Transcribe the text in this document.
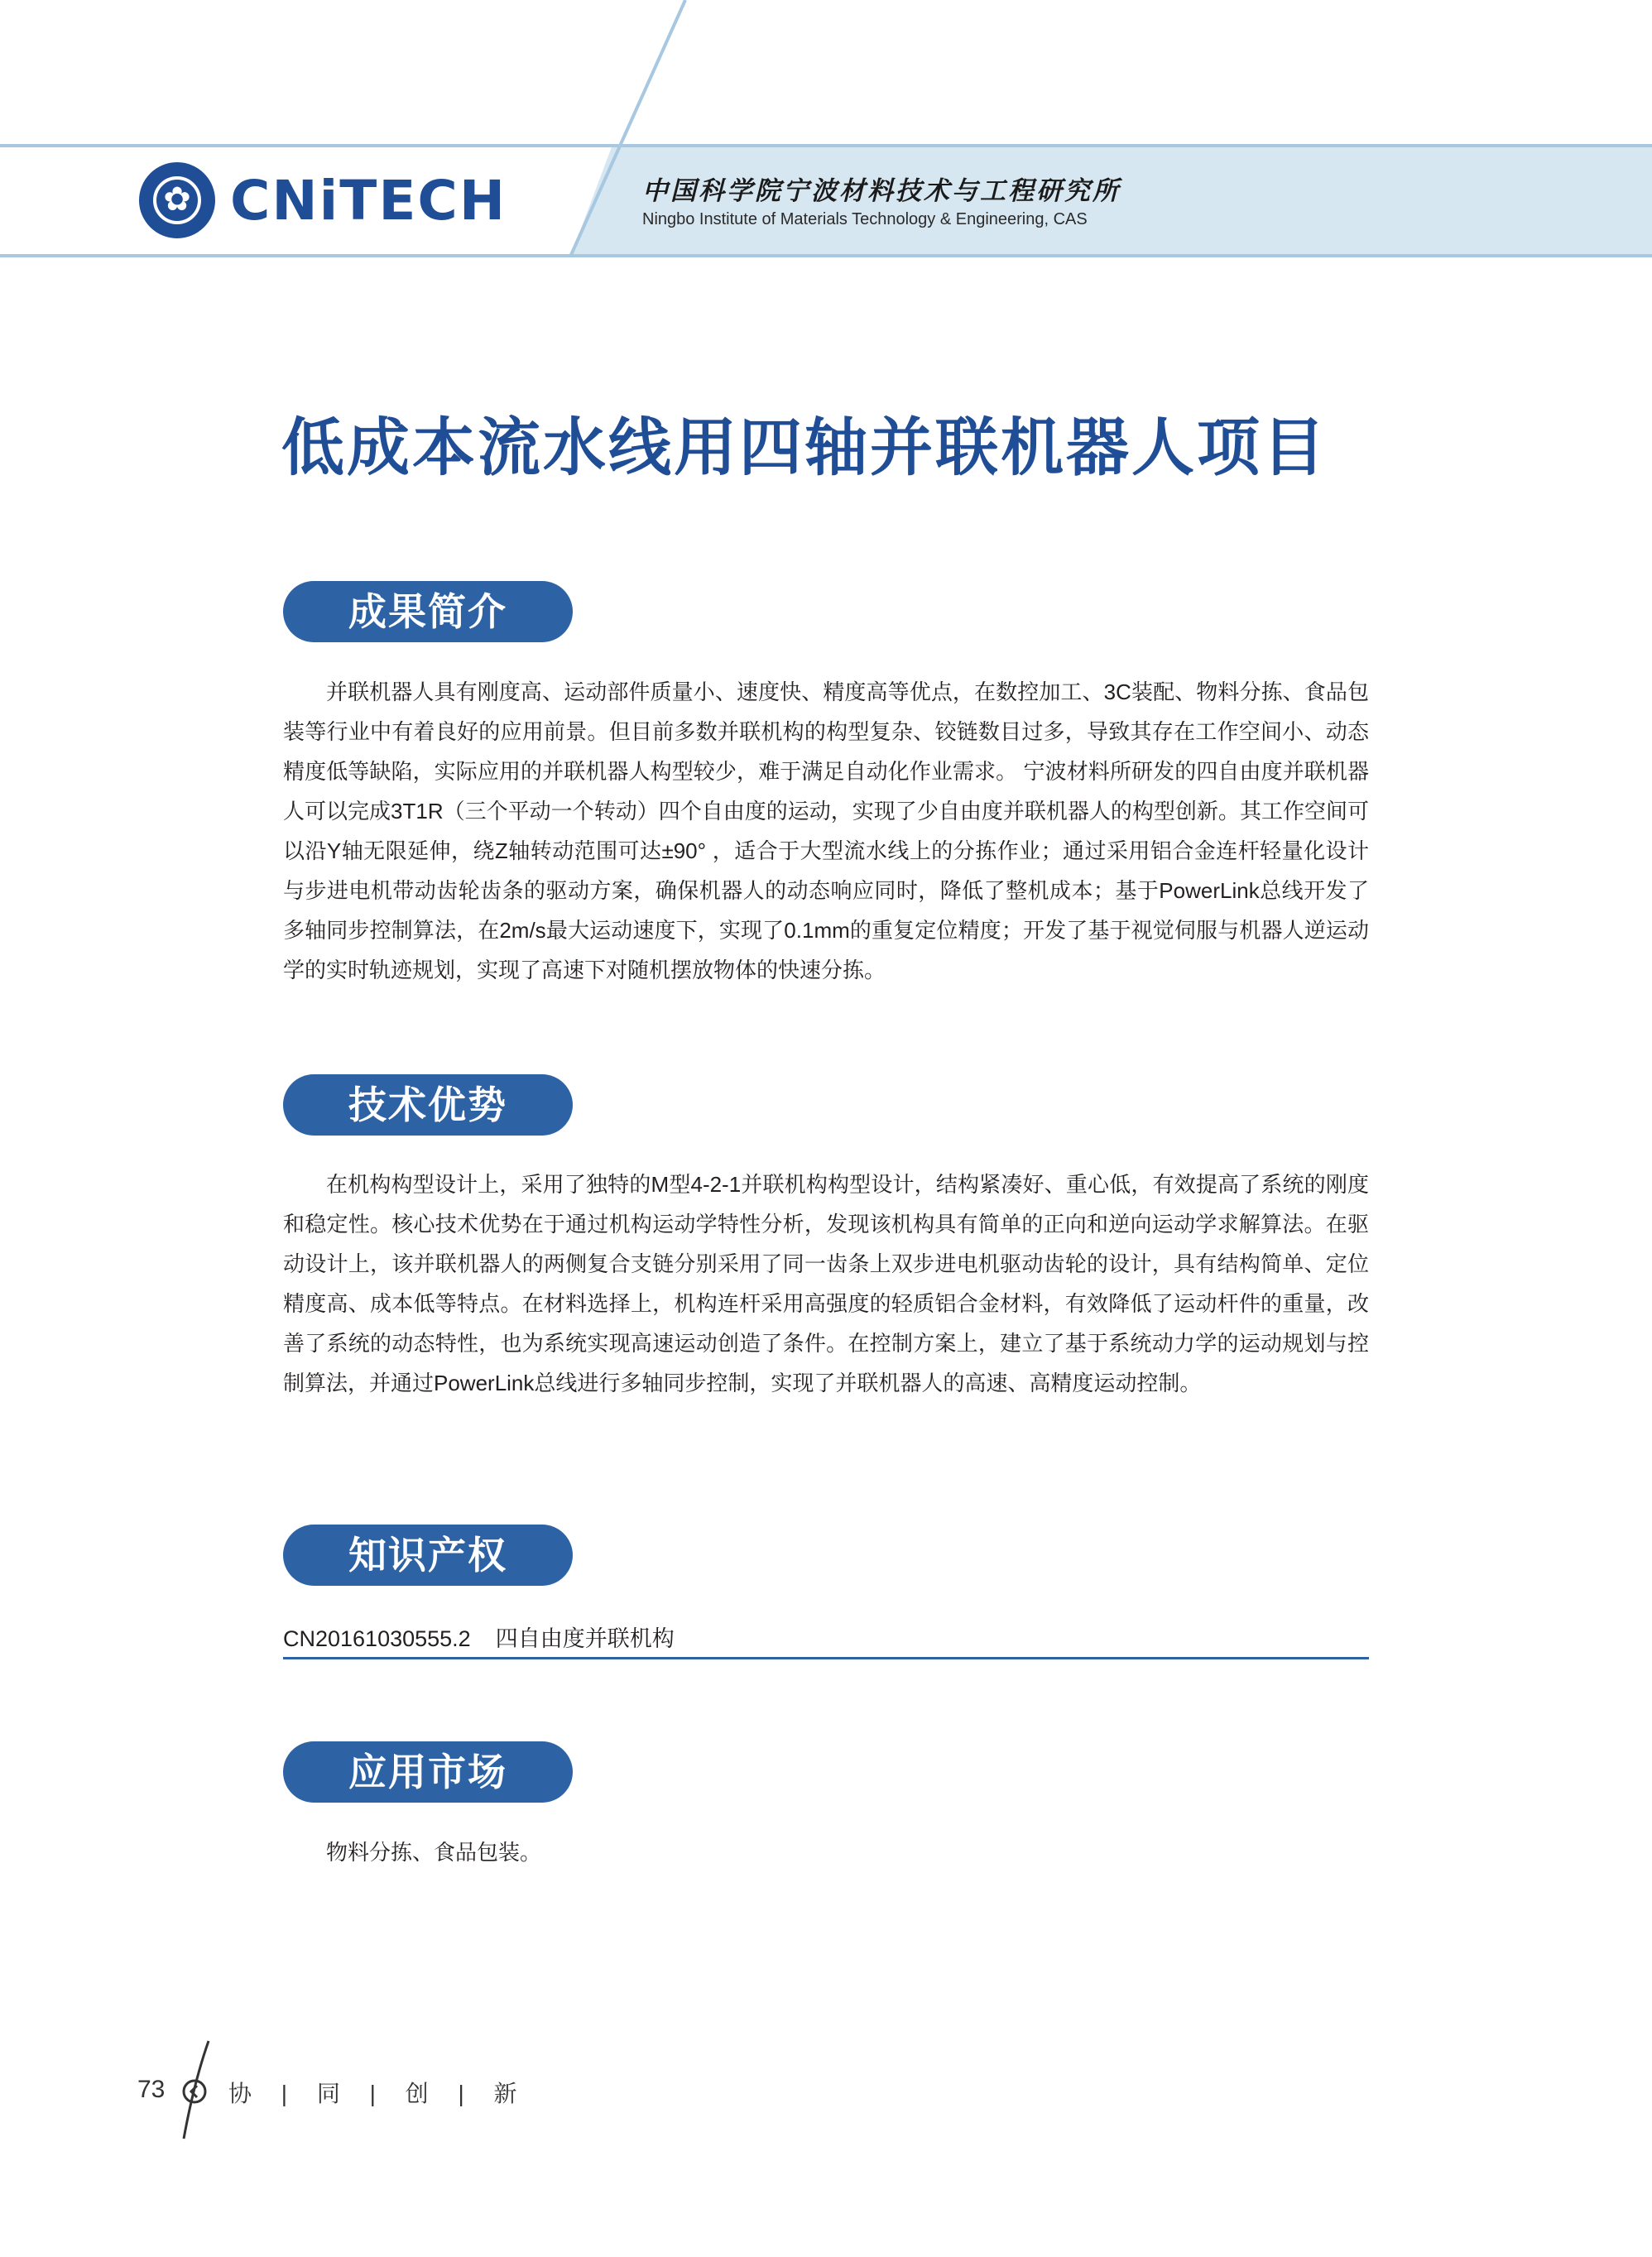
✿
CNiTECH	中国科学院宁波材料技术与工程研究所
Ningbo Institute of Materials Technology & Engineering, CAS
低成本流水线用四轴并联机器人项目
成果简介
并联机器人具有刚度高、运动部件质量小、速度快、精度高等优点，在数控加工、3C装配、物料分拣、食品包装等行业中有着良好的应用前景。但目前多数并联机构的构型复杂、铰链数目过多，导致其存在工作空间小、动态精度低等缺陷，实际应用的并联机器人构型较少，难于满足自动化作业需求。 宁波材料所研发的四自由度并联机器人可以完成3T1R（三个平动一个转动）四个自由度的运动，实现了少自由度并联机器人的构型创新。其工作空间可以沿Y轴无限延伸，绕Z轴转动范围可达±90° ，适合于大型流水线上的分拣作业；通过采用铝合金连杆轻量化设计与步进电机带动齿轮齿条的驱动方案，确保机器人的动态响应同时，降低了整机成本；基于PowerLink总线开发了多轴同步控制算法，在2m/s最大运动速度下，实现了0.1mm的重复定位精度；开发了基于视觉伺服与机器人逆运动学的实时轨迹规划，实现了高速下对随机摆放物体的快速分拣。
技术优势
在机构构型设计上，采用了独特的M型4-2-1并联机构构型设计，结构紧凑好、重心低，有效提高了系统的刚度和稳定性。核心技术优势在于通过机构运动学特性分析，发现该机构具有简单的正向和逆向运动学求解算法。在驱动设计上，该并联机器人的两侧复合支链分别采用了同一齿条上双步进电机驱动齿轮的设计，具有结构简单、定位精度高、成本低等特点。在材料选择上，机构连杆采用高强度的轻质铝合金材料，有效降低了运动杆件的重量，改善了系统的动态特性，也为系统实现高速运动创造了条件。在控制方案上，建立了基于系统动力学的运动规划与控制算法，并通过PowerLink总线进行多轴同步控制，实现了并联机器人的高速、高精度运动控制。
知识产权
CN20161030555.2 四自由度并联机构
应用市场
物料分拣、食品包装。
73	协 | 同 | 创 | 新
